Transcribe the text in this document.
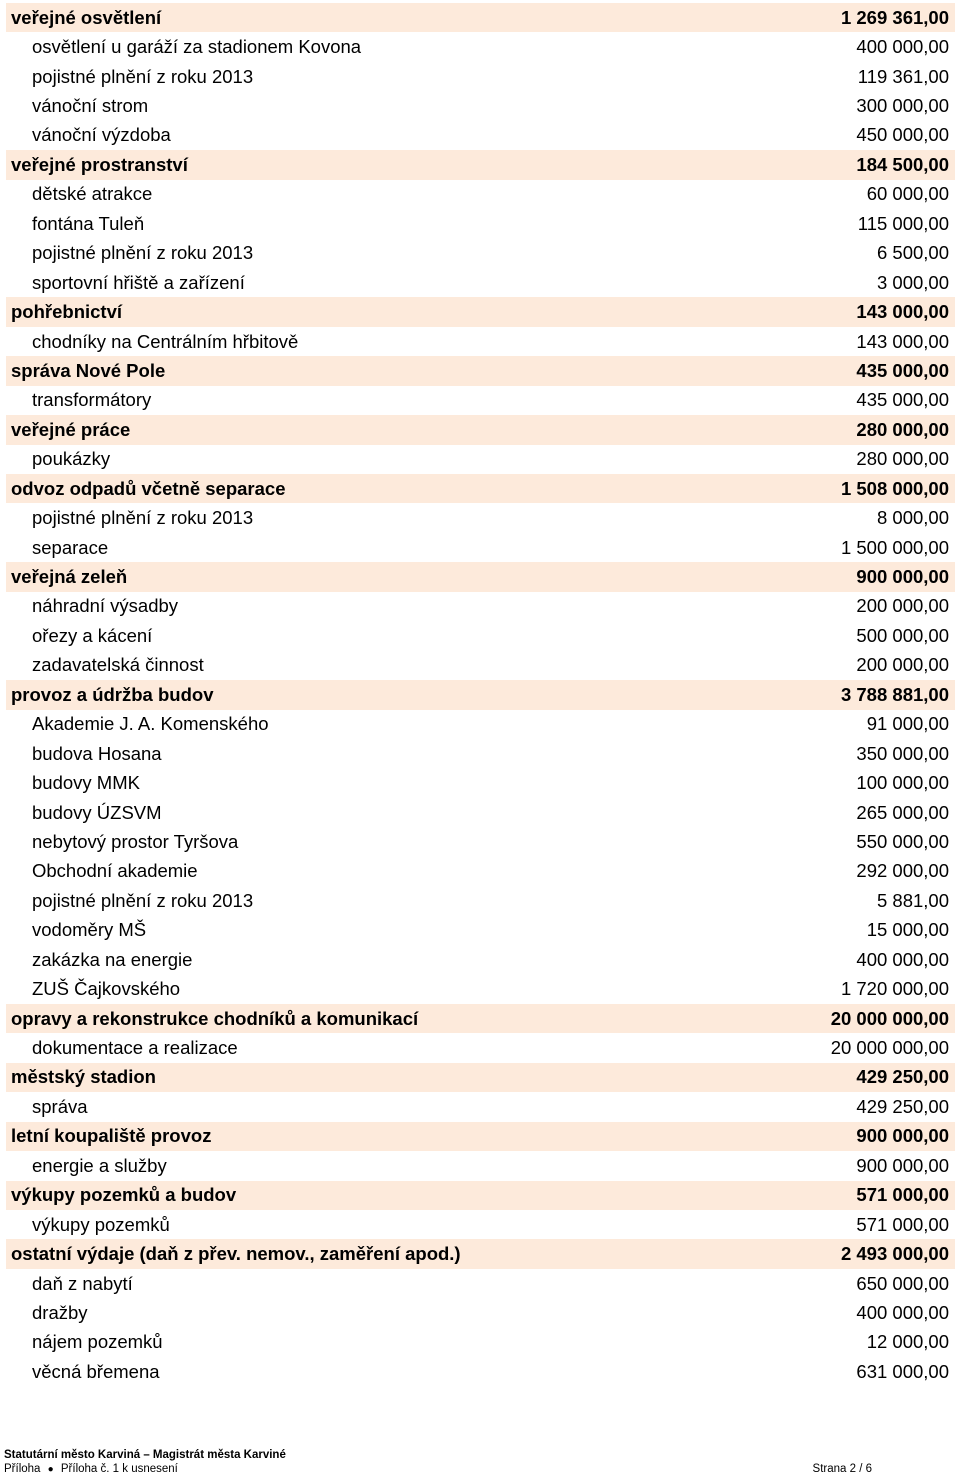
veřejné osvětlení	1 269 361,00
osvětlení u garáží za stadionem Kovona	400 000,00
pojistné plnění z roku 2013	119 361,00
vánoční strom	300 000,00
vánoční výzdoba	450 000,00
veřejné prostranství	184 500,00
dětské atrakce	60 000,00
fontána Tuleň	115 000,00
pojistné plnění z roku 2013	6 500,00
sportovní hřiště a zařízení	3 000,00
pohřebnictví	143 000,00
chodníky na Centrálním hřbitově	143 000,00
správa Nové Pole	435 000,00
transformátory	435 000,00
veřejné práce	280 000,00
poukázky	280 000,00
odvoz odpadů včetně separace	1 508 000,00
pojistné plnění z roku 2013	8 000,00
separace	1 500 000,00
veřejná zeleň	900 000,00
náhradní výsadby	200 000,00
ořezy a kácení	500 000,00
zadavatelská činnost	200 000,00
provoz a údržba budov	3 788 881,00
Akademie J. A. Komenského	91 000,00
budova Hosana	350 000,00
budovy MMK	100 000,00
budovy ÚZSVM	265 000,00
nebytový prostor Tyršova	550 000,00
Obchodní akademie	292 000,00
pojistné plnění z roku 2013	5 881,00
vodoměry MŠ	15 000,00
zakázka na energie	400 000,00
ZUŠ Čajkovského	1 720 000,00
opravy a rekonstrukce chodníků a komunikací	20 000 000,00
dokumentace a realizace	20 000 000,00
městský stadion	429 250,00
správa	429 250,00
letní koupaliště provoz	900 000,00
energie a služby	900 000,00
výkupy pozemků a budov	571 000,00
výkupy pozemků	571 000,00
ostatní výdaje (daň z přev. nemov., zaměření apod.)	2 493 000,00
daň z nabytí	650 000,00
dražby	400 000,00
nájem pozemků	12 000,00
věcná břemena	631 000,00
Statutární město Karviná – Magistrát města Karviné
Příloha ● Příloha č. 1 k usnesení	Strana 2 / 6
